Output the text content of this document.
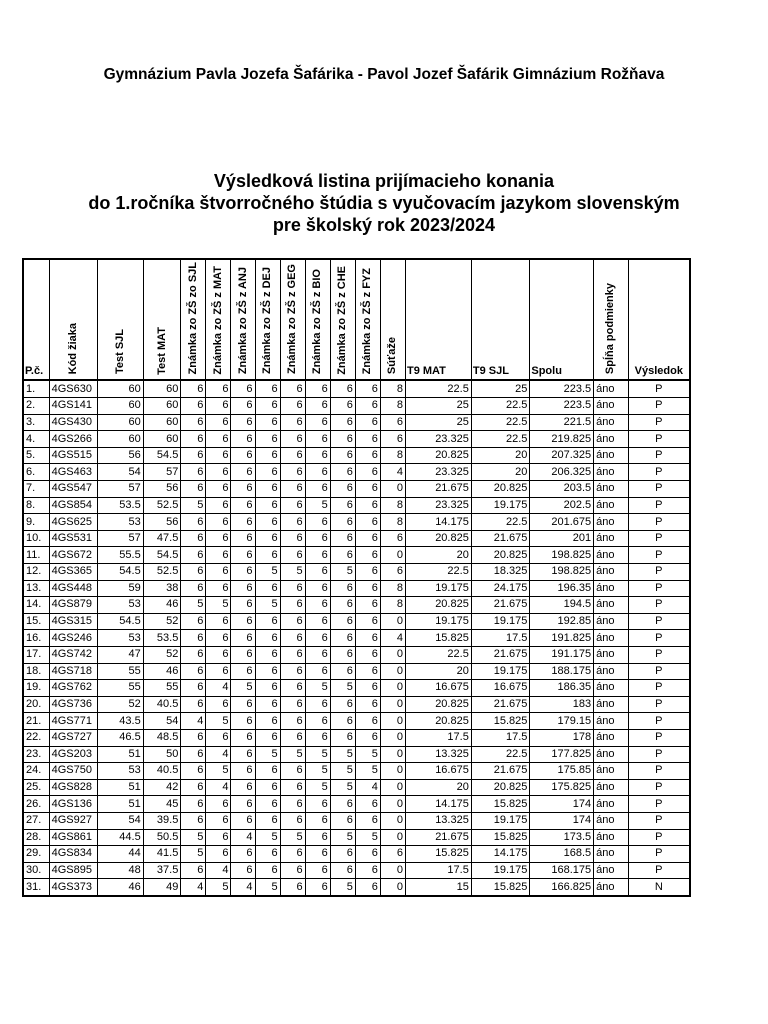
Gymnázium Pavla Jozefa Šafárika - Pavol Jozef Šafárik Gimnázium Rožňava
Výsledková listina prijímacieho konania
do 1.ročníka štvorročného štúdia s vyučovacím jazykom slovenským
pre školský rok 2023/2024
P.č.	Kód žiaka	Test SJL	Test MAT	Známka zo ZŠ zo SJL	Známka zo ZŠ z MAT	Známka zo ZŠ z ANJ	Známka zo ZŠ z DEJ	Známka zo ZŠ z GEG	Známka zo ZŠ z BIO	Známka zo ZŠ z CHE	Známka zo ZŠ z FYZ	Súťaže	T9 MAT	T9 SJL	Spolu	Spĺňa podmienky	Výsledok
1.	4GS630	60	60	6	6	6	6	6	6	6	6	8	22.5	25	223.5	áno	P
2.	4GS141	60	60	6	6	6	6	6	6	6	6	8	25	22.5	223.5	áno	P
3.	4GS430	60	60	6	6	6	6	6	6	6	6	6	25	22.5	221.5	áno	P
4.	4GS266	60	60	6	6	6	6	6	6	6	6	6	23.325	22.5	219.825	áno	P
5.	4GS515	56	54.5	6	6	6	6	6	6	6	6	8	20.825	20	207.325	áno	P
6.	4GS463	54	57	6	6	6	6	6	6	6	6	4	23.325	20	206.325	áno	P
7.	4GS547	57	56	6	6	6	6	6	6	6	6	0	21.675	20.825	203.5	áno	P
8.	4GS854	53.5	52.5	5	6	6	6	6	5	6	6	8	23.325	19.175	202.5	áno	P
9.	4GS625	53	56	6	6	6	6	6	6	6	6	8	14.175	22.5	201.675	áno	P
10.	4GS531	57	47.5	6	6	6	6	6	6	6	6	6	20.825	21.675	201	áno	P
11.	4GS672	55.5	54.5	6	6	6	6	6	6	6	6	0	20	20.825	198.825	áno	P
12.	4GS365	54.5	52.5	6	6	6	5	5	6	5	6	6	22.5	18.325	198.825	áno	P
13.	4GS448	59	38	6	6	6	6	6	6	6	6	8	19.175	24.175	196.35	áno	P
14.	4GS879	53	46	5	5	6	5	6	6	6	6	8	20.825	21.675	194.5	áno	P
15.	4GS315	54.5	52	6	6	6	6	6	6	6	6	0	19.175	19.175	192.85	áno	P
16.	4GS246	53	53.5	6	6	6	6	6	6	6	6	4	15.825	17.5	191.825	áno	P
17.	4GS742	47	52	6	6	6	6	6	6	6	6	0	22.5	21.675	191.175	áno	P
18.	4GS718	55	46	6	6	6	6	6	6	6	6	0	20	19.175	188.175	áno	P
19.	4GS762	55	55	6	4	5	6	6	5	5	6	0	16.675	16.675	186.35	áno	P
20.	4GS736	52	40.5	6	6	6	6	6	6	6	6	0	20.825	21.675	183	áno	P
21.	4GS771	43.5	54	4	5	6	6	6	6	6	6	0	20.825	15.825	179.15	áno	P
22.	4GS727	46.5	48.5	6	6	6	6	6	6	6	6	0	17.5	17.5	178	áno	P
23.	4GS203	51	50	6	4	6	5	5	5	5	5	0	13.325	22.5	177.825	áno	P
24.	4GS750	53	40.5	6	5	6	6	6	5	5	5	0	16.675	21.675	175.85	áno	P
25.	4GS828	51	42	6	4	6	6	6	5	5	4	0	20	20.825	175.825	áno	P
26.	4GS136	51	45	6	6	6	6	6	6	6	6	0	14.175	15.825	174	áno	P
27.	4GS927	54	39.5	6	6	6	6	6	6	6	6	0	13.325	19.175	174	áno	P
28.	4GS861	44.5	50.5	5	6	4	5	5	6	5	5	0	21.675	15.825	173.5	áno	P
29.	4GS834	44	41.5	5	6	6	6	6	6	6	6	6	15.825	14.175	168.5	áno	P
30.	4GS895	48	37.5	6	4	6	6	6	6	6	6	0	17.5	19.175	168.175	áno	P
31.	4GS373	46	49	4	5	4	5	6	6	5	6	0	15	15.825	166.825	áno	N
